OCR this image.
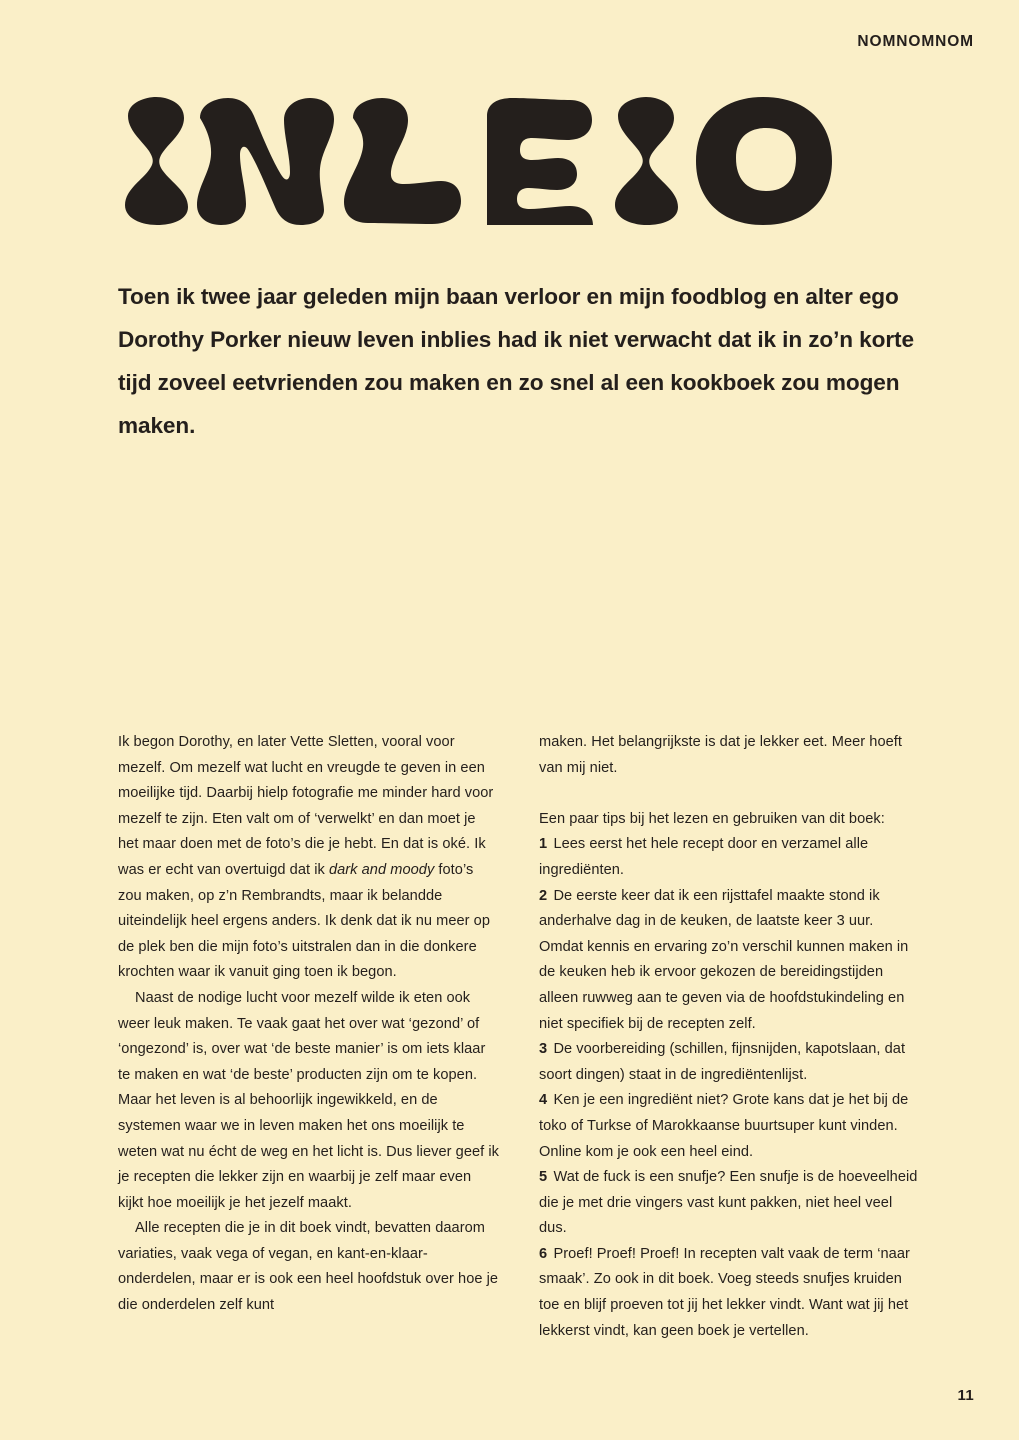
NOMNOMNOM

Toen ik twee jaar geleden mijn baan verloor en mijn foodblog en alter ego Dorothy Porker nieuw leven inblies had ik niet verwacht dat ik in zo’n korte tijd zoveel eetvrienden zou maken en zo snel al een kookboek zou mogen maken.

Ik begon Dorothy, en later Vette Sletten, vooral voor mezelf. Om mezelf wat lucht en vreugde te geven in een moeilijke tijd. Daarbij hielp fotografie me minder hard voor mezelf te zijn. Eten valt om of ‘verwelkt’ en dan moet je het maar doen met de foto’s die je hebt. En dat is oké. Ik was er echt van overtuigd dat ik dark and moody foto’s zou maken, op z’n Rembrandts, maar ik belandde uiteindelijk heel ergens anders. Ik denk dat ik nu meer op de plek ben die mijn foto’s uitstralen dan in die donkere krochten waar ik vanuit ging toen ik begon.

Naast de nodige lucht voor mezelf wilde ik eten ook weer leuk maken. Te vaak gaat het over wat ‘gezond’ of ‘ongezond’ is, over wat ‘de beste manier’ is om iets klaar te maken en wat ‘de beste’ producten zijn om te kopen. Maar het leven is al behoorlijk ingewikkeld, en de systemen waar we in leven maken het ons moeilijk te weten wat nu écht de weg en het licht is. Dus liever geef ik je recepten die lekker zijn en waarbij je zelf maar even kijkt hoe moeilijk je het jezelf maakt.

Alle recepten die je in dit boek vindt, bevatten daarom variaties, vaak vega of vegan, en kant-en-klaar-onderdelen, maar er is ook een heel hoofdstuk over hoe je die onderdelen zelf kunt

maken. Het belangrijkste is dat je lekker eet. Meer hoeft van mij niet.

Een paar tips bij het lezen en gebruiken van dit boek:
1 Lees eerst het hele recept door en verzamel alle ingrediënten.
2 De eerste keer dat ik een rijsttafel maakte stond ik anderhalve dag in de keuken, de laatste keer 3 uur. Omdat kennis en ervaring zo’n verschil kunnen maken in de keuken heb ik ervoor gekozen de bereidingstijden alleen ruwweg aan te geven via de hoofdstukindeling en niet specifiek bij de recepten zelf.
3 De voorbereiding (schillen, fijnsnijden, kapotslaan, dat soort dingen) staat in de ingrediëntenlijst.
4 Ken je een ingrediënt niet? Grote kans dat je het bij de toko of Turkse of Marokkaanse buurtsuper kunt vinden. Online kom je ook een heel eind.
5 Wat de fuck is een snufje? Een snufje is de hoeveelheid die je met drie vingers vast kunt pakken, niet heel veel dus.
6 Proef! Proef! Proef! In recepten valt vaak de term ‘naar smaak’. Zo ook in dit boek. Voeg steeds snufjes kruiden toe en blijf proeven tot jij het lekker vindt. Want wat jij het lekkerst vindt, kan geen boek je vertellen.

11
